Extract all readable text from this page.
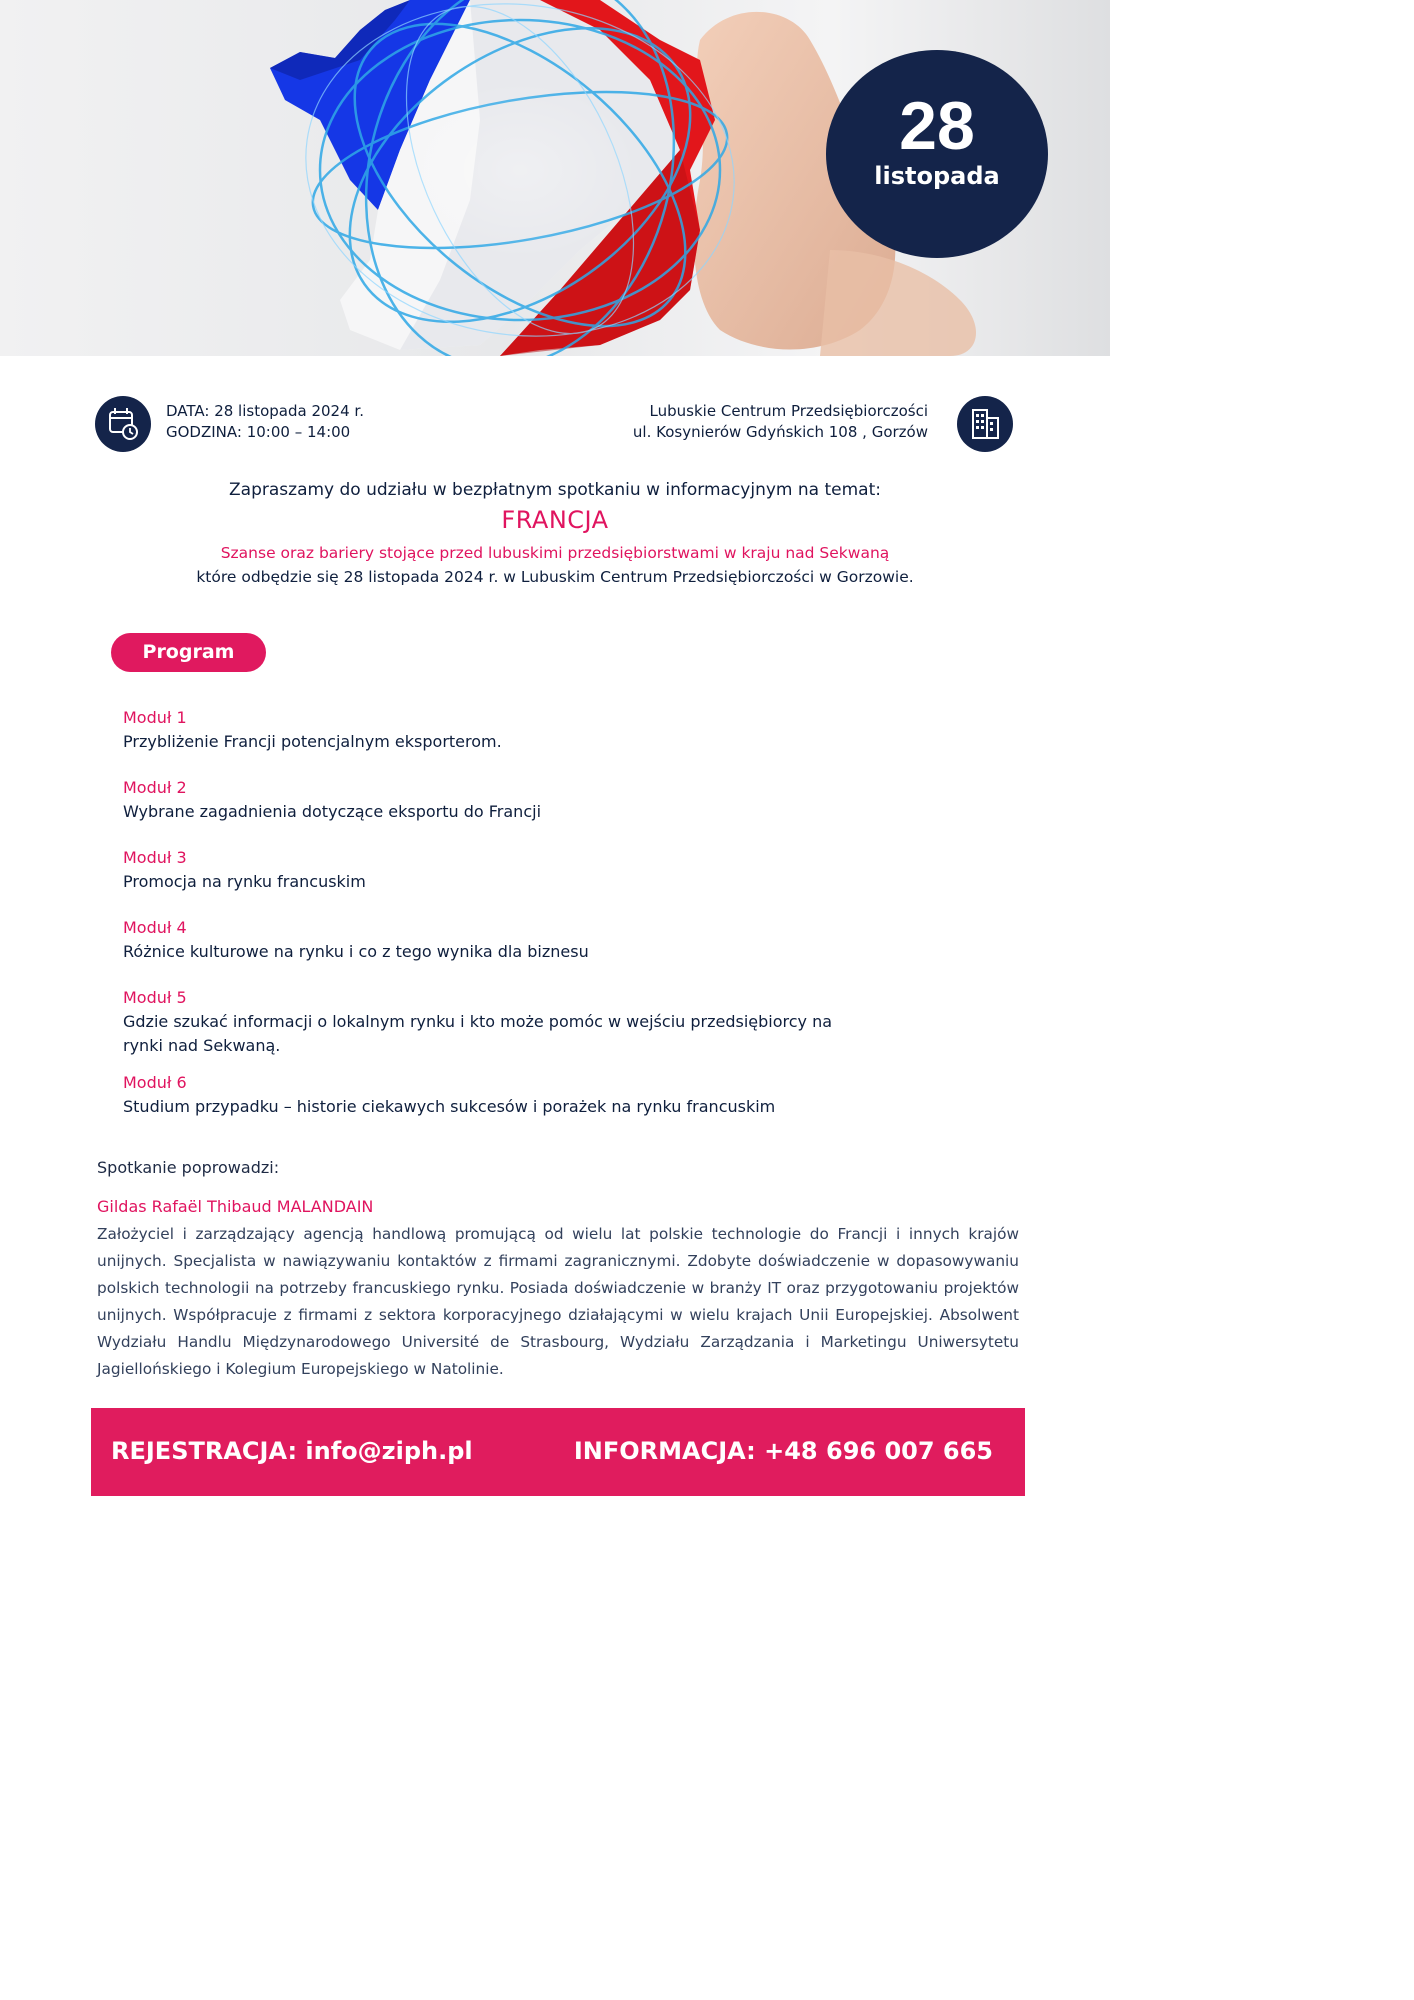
28
listopada
DATA: 28 listopada 2024 r.
GODZINA: 10:00 – 14:00
Lubuskie Centrum Przedsiębiorczości
ul. Kosynierów Gdyńskich 108 , Gorzów
Zapraszamy do udziału w bezpłatnym spotkaniu w informacyjnym na temat:
FRANCJA
Szanse oraz bariery stojące przed lubuskimi przedsiębiorstwami w kraju nad Sekwaną
które odbędzie się 28 listopada 2024 r. w Lubuskim Centrum Przedsiębiorczości w Gorzowie.
Program
Moduł 1
Przybliżenie Francji potencjalnym eksporterom.
Moduł 2
Wybrane zagadnienia dotyczące eksportu do Francji
Moduł 3
Promocja na rynku francuskim
Moduł 4
Różnice kulturowe na rynku i co z tego wynika dla biznesu
Moduł 5
Gdzie szukać informacji o lokalnym rynku i kto może pomóc w wejściu przedsiębiorcy na rynki nad Sekwaną.
Moduł 6
Studium przypadku – historie ciekawych sukcesów i porażek na rynku francuskim
Spotkanie poprowadzi:
Gildas Rafaël Thibaud MALANDAIN
Założyciel i zarządzający agencją handlową promującą od wielu lat polskie technologie do Francji i innych krajów unijnych. Specjalista w nawiązywaniu kontaktów z firmami zagranicznymi. Zdobyte doświadczenie w dopasowywaniu polskich technologii na potrzeby francuskiego rynku. Posiada doświadczenie w branży IT oraz przygotowaniu projektów unijnych. Współpracuje z firmami z sektora korporacyjnego działającymi w wielu krajach Unii Europejskiej. Absolwent Wydziału Handlu Międzynarodowego Université de Strasbourg, Wydziału Zarządzania i Marketingu Uniwersytetu Jagiellońskiego i Kolegium Europejskiego w Natolinie.
REJESTRACJA: info@ziph.pl	INFORMACJA: +48 696 007 665
